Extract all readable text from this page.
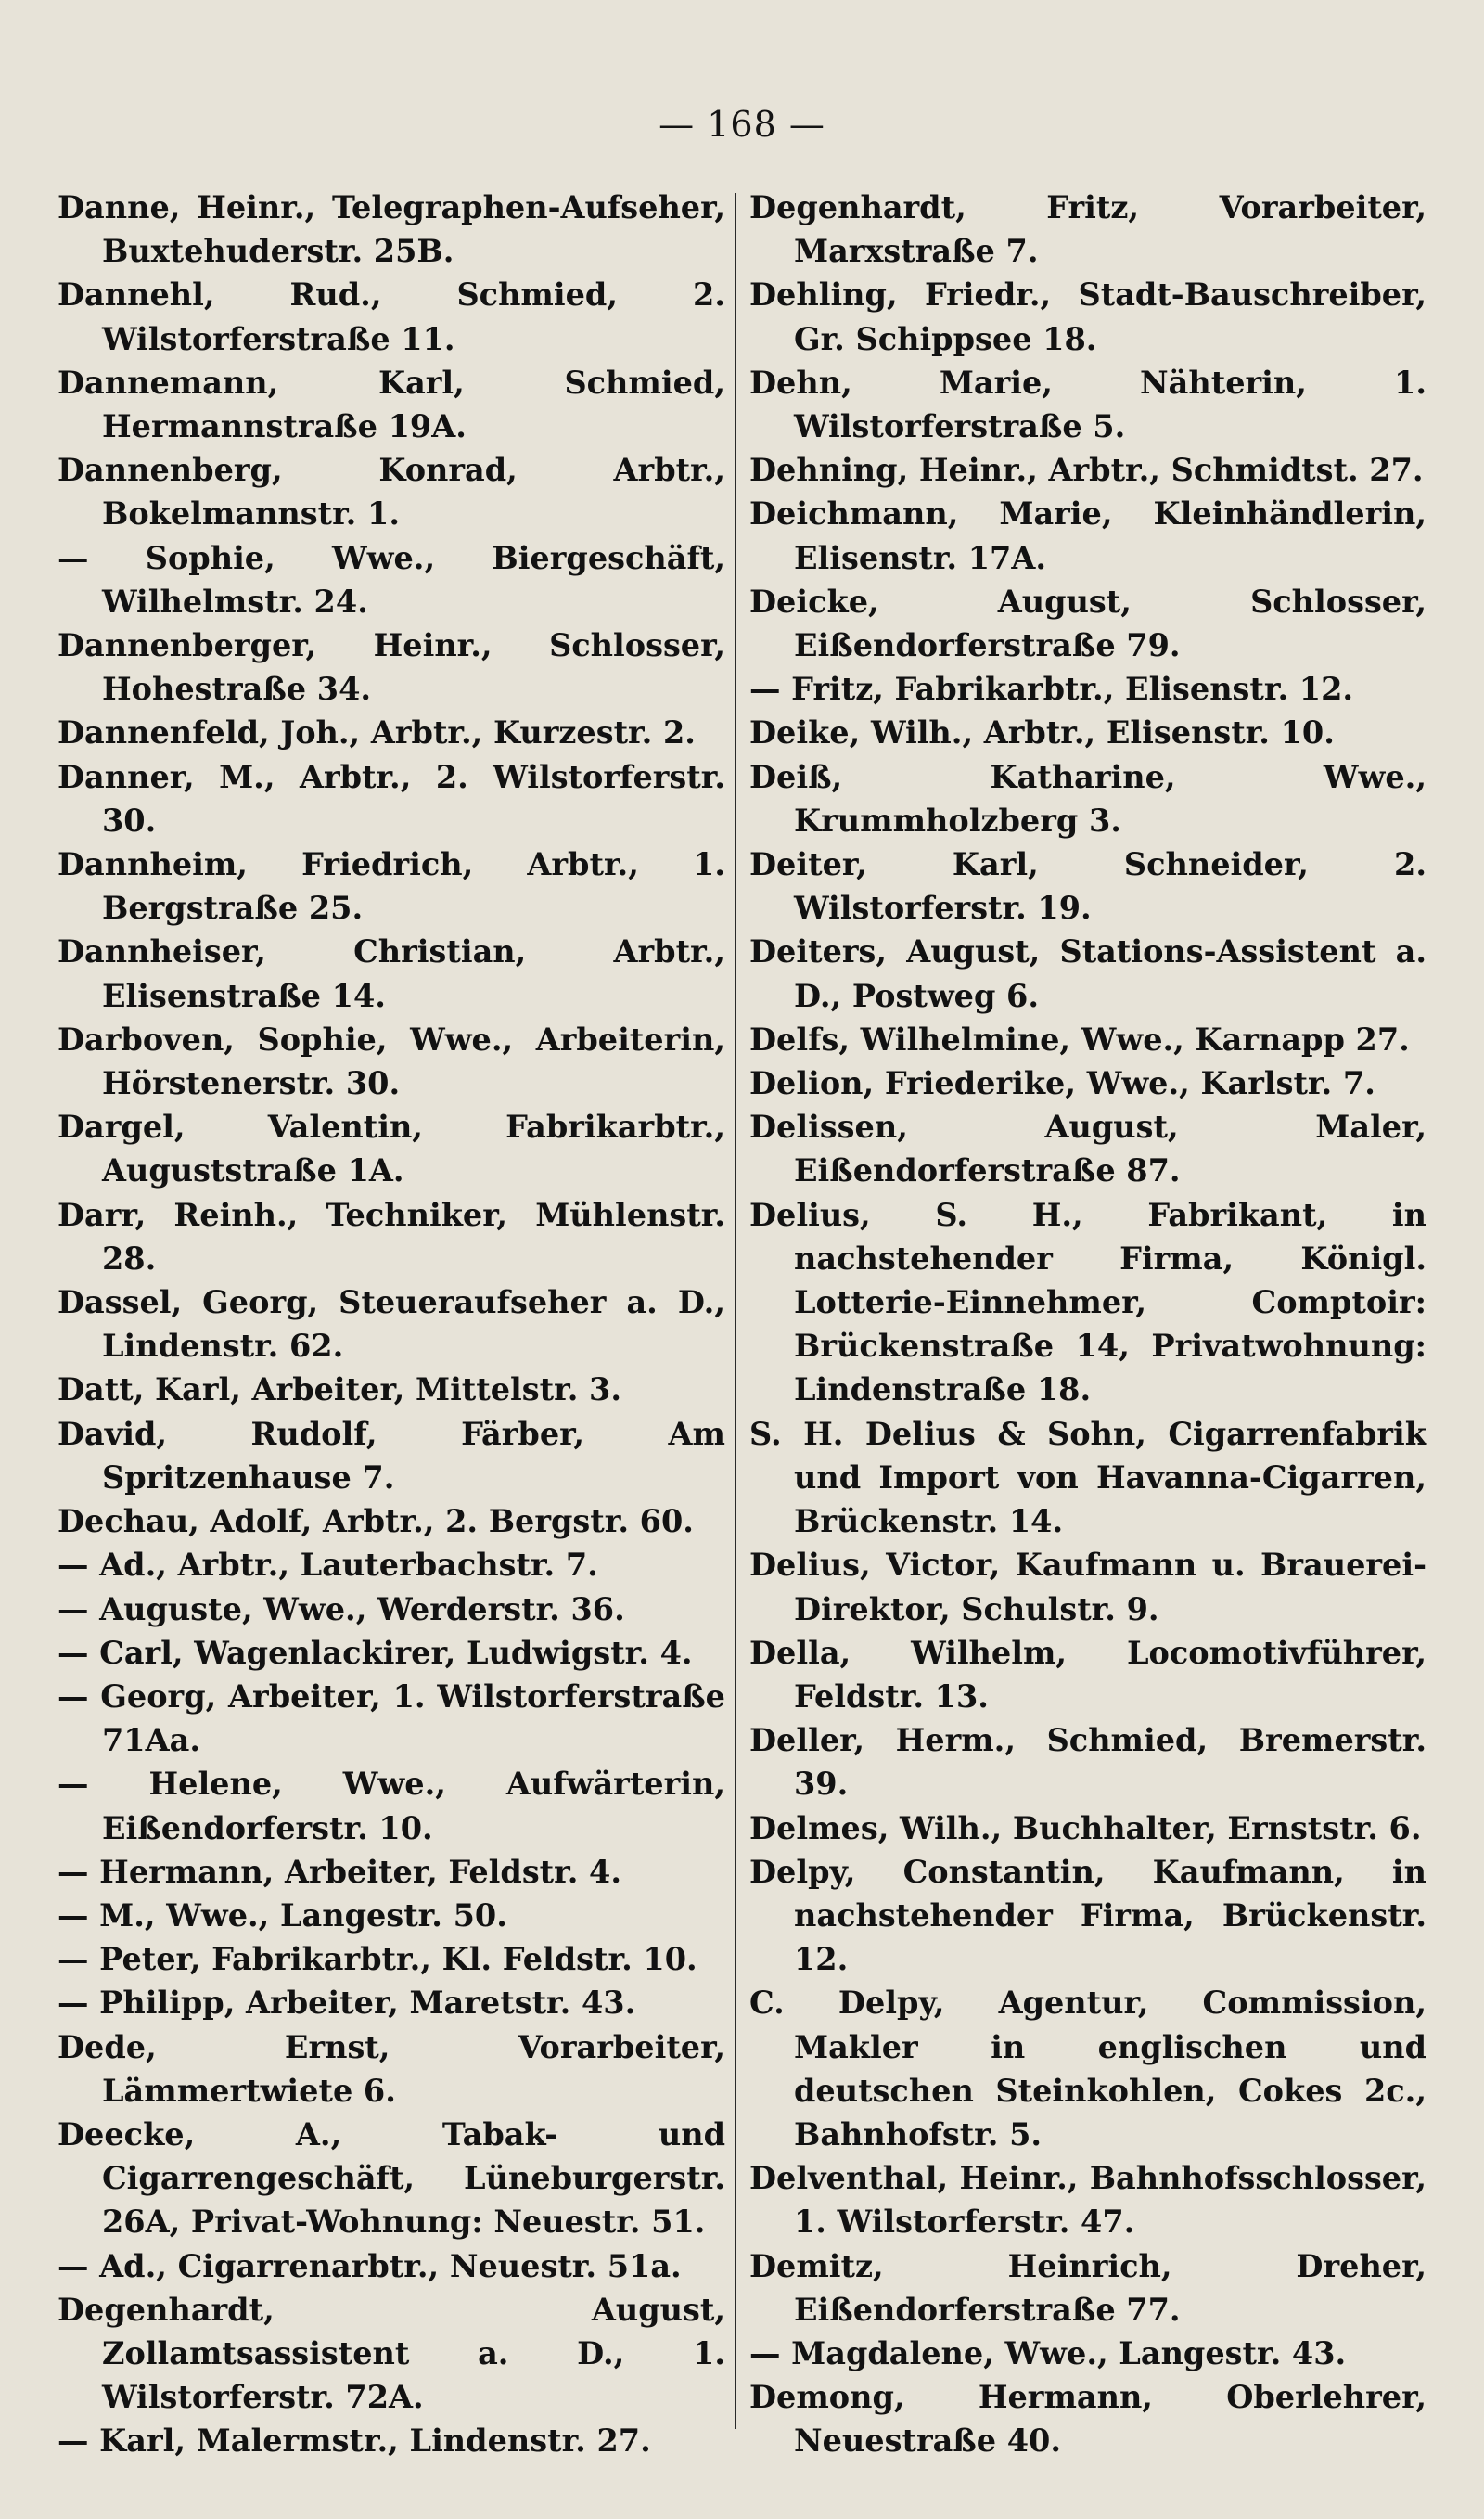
— 168 —
Danne, Heinr., Telegraphen-Aufseher, Buxtehuderstr. 25B.
Dannehl, Rud., Schmied, 2. Wilstorferstraße 11.
Dannemann, Karl, Schmied, Hermannstraße 19A.
Dannenberg, Konrad, Arbtr., Bokelmannstr. 1.
— Sophie, Wwe., Biergeschäft, Wilhelmstr. 24.
Dannenberger, Heinr., Schlosser, Hohestraße 34.
Dannenfeld, Joh., Arbtr., Kurzestr. 2.
Danner, M., Arbtr., 2. Wilstorferstr. 30.
Dannheim, Friedrich, Arbtr., 1. Bergstraße 25.
Dannheiser, Christian, Arbtr., Elisenstraße 14.
Darboven, Sophie, Wwe., Arbeiterin, Hörstenerstr. 30.
Dargel, Valentin, Fabrikarbtr., Auguststraße 1A.
Darr, Reinh., Techniker, Mühlenstr. 28.
Dassel, Georg, Steueraufseher a. D., Lindenstr. 62.
Datt, Karl, Arbeiter, Mittelstr. 3.
David, Rudolf, Färber, Am Spritzenhause 7.
Dechau, Adolf, Arbtr., 2. Bergstr. 60.
— Ad., Arbtr., Lauterbachstr. 7.
— Auguste, Wwe., Werderstr. 36.
— Carl, Wagenlackirer, Ludwigstr. 4.
— Georg, Arbeiter, 1. Wilstorferstraße 71Aa.
— Helene, Wwe., Aufwärterin, Eißendorferstr. 10.
— Hermann, Arbeiter, Feldstr. 4.
— M., Wwe., Langestr. 50.
— Peter, Fabrikarbtr., Kl. Feldstr. 10.
— Philipp, Arbeiter, Maretstr. 43.
Dede, Ernst, Vorarbeiter, Lämmertwiete 6.
Deecke, A., Tabak- und Cigarrengeschäft, Lüneburgerstr. 26A, Privat-Wohnung: Neuestr. 51.
— Ad., Cigarrenarbtr., Neuestr. 51a.
Degenhardt, August, Zollamtsassistent a. D., 1. Wilstorferstr. 72A.
— Karl, Malermstr., Lindenstr. 27.
Degenhardt, Fritz, Vorarbeiter, Marxstraße 7.
Dehling, Friedr., Stadt-Bauschreiber, Gr. Schippsee 18.
Dehn, Marie, Nähterin, 1. Wilstorferstraße 5.
Dehning, Heinr., Arbtr., Schmidtst. 27.
Deichmann, Marie, Kleinhändlerin, Elisenstr. 17A.
Deicke, August, Schlosser, Eißendorferstraße 79.
— Fritz, Fabrikarbtr., Elisenstr. 12.
Deike, Wilh., Arbtr., Elisenstr. 10.
Deiß, Katharine, Wwe., Krummholzberg 3.
Deiter, Karl, Schneider, 2. Wilstorferstr. 19.
Deiters, August, Stations-Assistent a. D., Postweg 6.
Delfs, Wilhelmine, Wwe., Karnapp 27.
Delion, Friederike, Wwe., Karlstr. 7.
Delissen, August, Maler, Eißendorferstraße 87.
Delius, S. H., Fabrikant, in nachstehender Firma, Königl. Lotterie-Einnehmer, Comptoir: Brückenstraße 14, Privatwohnung: Lindenstraße 18.
S. H. Delius & Sohn, Cigarrenfabrik und Import von Havanna-Cigarren, Brückenstr. 14.
Delius, Victor, Kaufmann u. Brauerei-Direktor, Schulstr. 9.
Della, Wilhelm, Locomotivführer, Feldstr. 13.
Deller, Herm., Schmied, Bremerstr. 39.
Delmes, Wilh., Buchhalter, Ernststr. 6.
Delpy, Constantin, Kaufmann, in nachstehender Firma, Brückenstr. 12.
C. Delpy, Agentur, Commission, Makler in englischen und deutschen Steinkohlen, Cokes 2c., Bahnhofstr. 5.
Delventhal, Heinr., Bahnhofsschlosser, 1. Wilstorferstr. 47.
Demitz, Heinrich, Dreher, Eißendorferstraße 77.
— Magdalene, Wwe., Langestr. 43.
Demong, Hermann, Oberlehrer, Neuestraße 40.
